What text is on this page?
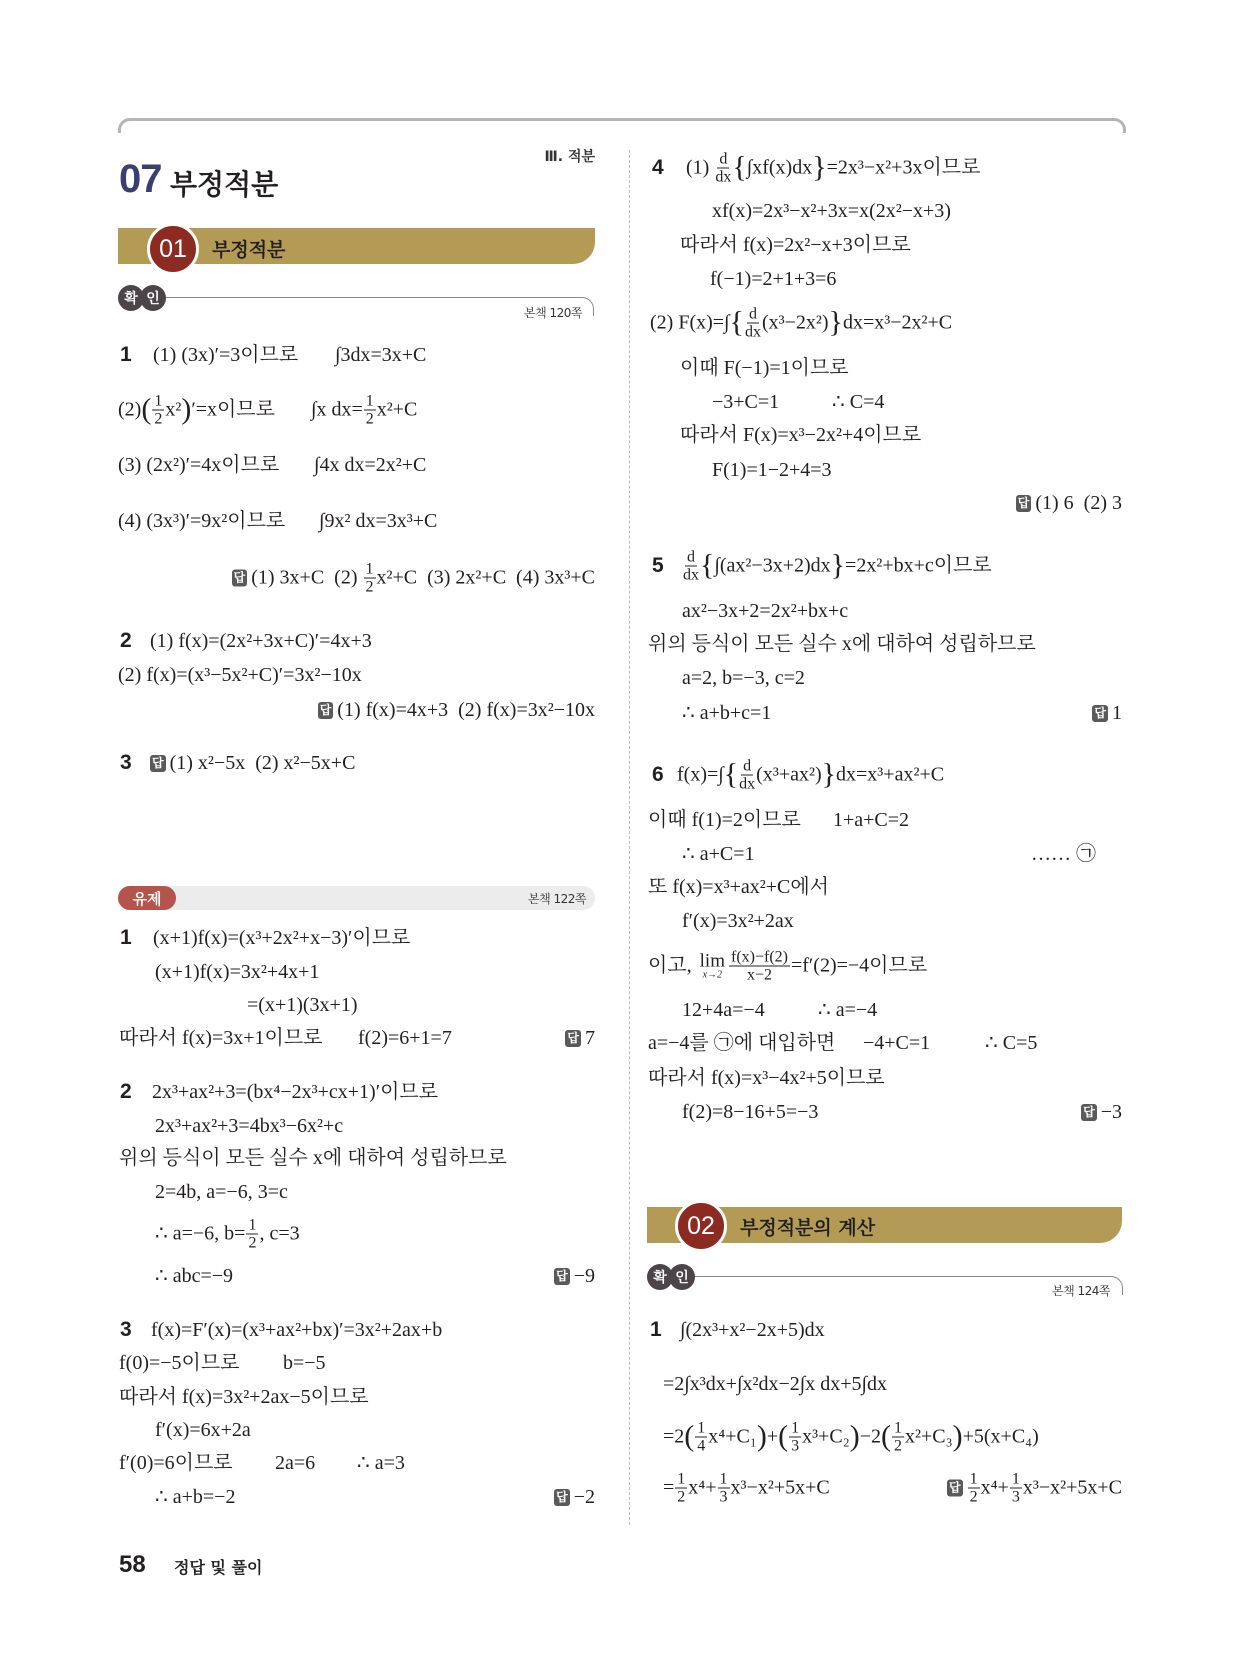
Ⅲ. 적분
07 부정적분
01	부정적분
확 인
본책 120쪽
1 (1) (3x)′=3이므로 ∫3dx=3x+C
$(2)( \frac{1}{2} x^2)'=x$이므로 ∫x $dx= \frac{1}{2} x^2+C$
(3) (2x²)′=4x이므로 ∫4x dx=2x²+C
(4) (3x³)′=9x²이므로 ∫9x² dx=3x³+C
답 (1) 3x+C  $(2) \frac{1}{2} x^2+C$  (3) 2x²+C  (4) 3x³+C
2 (1) f(x)=(2x²+3x+C)′=4x+3
(2) f(x)=(x³−5x²+C)′=3x²−10x
답 (1) f(x)=4x+3  (2) f(x)=3x²−10x
3 답 (1) x²−5x  (2) x²−5x+C
유제	본책 122쪽
1 (x+1)f(x)=(x³+2x²+x−3)′이므로
(x+1)f(x)=3x²+4x+1
=(x+1)(3x+1)
따라서 f(x)=3x+1이므로 f(2)=6+1=7	답 7
2 2x³+ax²+3=(bx⁴−2x³+cx+1)′이므로
2x³+ax²+3=4bx³−6x²+c
위의 등식이 모든 실수 x에 대하여 성립하므로
2=4b, a=−6, 3=c
∴ a=−6, $b= \frac{1}{2}$ , c=3
∴ abc=−9	답 −9
3 f(x)=F′(x)=(x³+ax²+bx)′=3x²+2ax+b
f(0)=−5이므로 b=−5
따라서 f(x)=3x²+2ax−5이므로
f′(x)=6x+2a
f′(0)=6이므로 2a=6 ∴ a=3
∴ a+b=−2	답 −2
4 $(1) \frac{d}{dx} \{\int xf(x)dx\}=2x^3-x^2+3x$이므로
xf(x)=2x³−x²+3x=x(2x²−x+3)
따라서 f(x)=2x²−x+3이므로
f(−1)=2+1+3=6
(2) $F(x)=\int\{ \frac{d}{dx} (x^3-2x^2)\}dx=x^3-2x^2+C$
이때 F(−1)=1이므로
−3+C=1	∴ C=4
따라서 F(x)=x³−2x²+4이므로
F(1)=1−2+4=3
답 (1) 6  (2) 3
$5 \frac{d}{dx} \{\int(ax^2-3x+2)dx\}=2x^2+bx+c$이므로
ax²−3x+2=2x²+bx+c
위의 등식이 모든 실수 x에 대하여 성립하므로
a=2, b=−3, c=2
∴ a+b+c=1	답 1
6 $f(x)=\int\{ \frac{d}{dx} (x^3+ax^2)\}dx=x^3+ax^2+C$
이때 f(1)=2이므로 1+a+C=2
∴ a+C=1	…… ㉠
또 f(x)=x³+ax²+C에서
f′(x)=3x²+2ax
이고, lim
$x\to 2 \frac{f(x)-f(2)}{x-2} =f'(2)=-4$이므로
12+4a=−4	∴ a=−4
a=−4를 ㉠에 대입하면 −4+C=1	∴ C=5
따라서 f(x)=x³−4x²+5이므로
f(2)=8−16+5=−3	답 −3
02	부정적분의 계산
확 인
본책 124쪽
1 ∫(2x³+x²−2x+5)dx
=2∫x³dx+∫x²dx−2∫x dx+5∫dx
$=2( \frac{1}{4} x^4+C_1)+( \frac{1}{3} x^3+C_2)-2( \frac{1}{2} x^2+C_3)+5(x+C_4)$
= $\frac{1}{2} x^4+ \frac{1}{3} x^3-x^2+5x+C$	답 $\frac{1}{2} x^4+ \frac{1}{3} x^3-x^2+5x+C$
58 정답 및 풀이
